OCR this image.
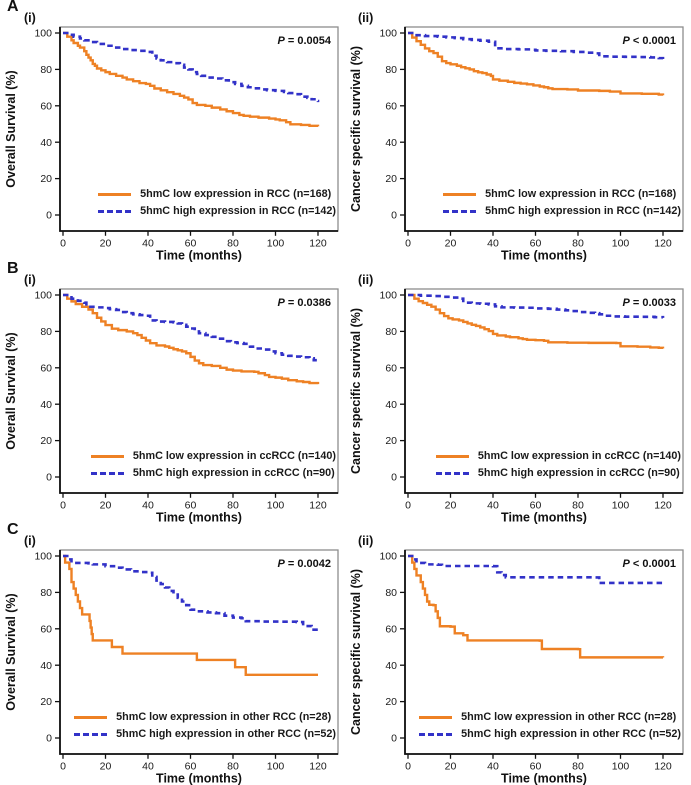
A
(i)
0
20
40
60
80
100
0	20	40	60	80	100 120
Overall Survival (%)
Time (months)
P = 0.0054
5hmC low expression in RCC (n=168)
5hmC high expression in RCC (n=142)
(ii)
0
20
40
60
80
100
0	20	40	60	80	100 120
Cancer specific survival (%)
Time (months)
P < 0.0001
5hmC low expression in RCC (n=168)
5hmC high expression in RCC (n=142)
B
(i)
0
20
40
60
80
100
0	20	40	60	80	100 120
Overall Survival (%)
Time (months)
P = 0.0386
5hmC low expression in ccRCC (n=140)
5hmC high expression in ccRCC (n=90)
(ii)
0
20
40
60
80
100
0	20	40	60	80	100 120
Cancer specific survival (%)
Time (months)
P = 0.0033
5hmC low expression in ccRCC (n=140)
5hmC high expression in ccRCC (n=90)
C
(i)
0
20
40
60
80
100
0	20	40	60	80	100 120
Overall Survival (%)
Time (months)
P = 0.0042
5hmC low expression in other RCC (n=28)
5hmC high expression in other RCC (n=52)
(ii)
0
20
40
60
80
100
0	20	40	60	80	100 120
Cancer specific survival (%)
Time (months)
P < 0.0001
5hmC low expression in other RCC (n=28)
5hmC high expression in other RCC (n=52)
